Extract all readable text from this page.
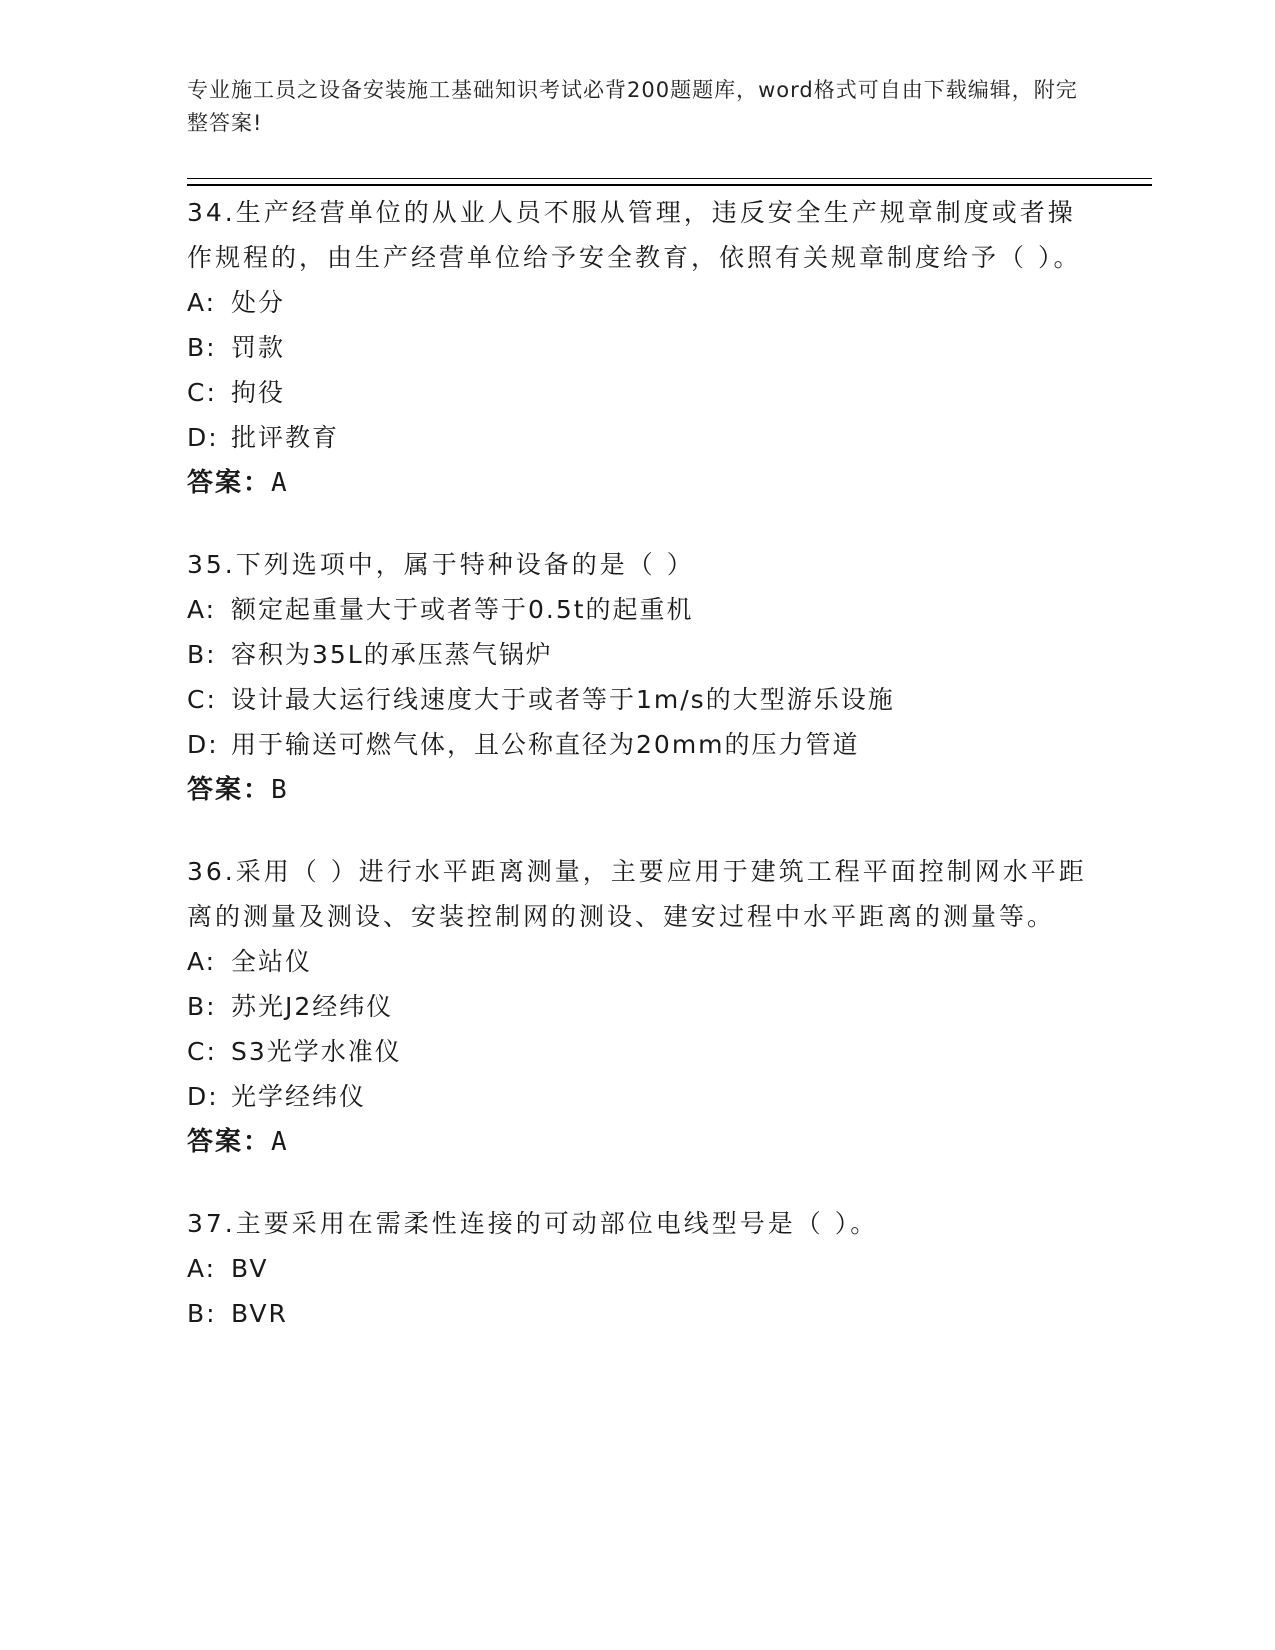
专业施工员之设备安装施工基础知识考试必背200题题库，word格式可自由下载编辑，附完整答案!

34.生产经营单位的从业人员不服从管理，违反安全生产规章制度或者操作规程的，由生产经营单位给予安全教育，依照有关规章制度给予（ ）。

A: 处分
B: 罚款
C: 拘役
D: 批评教育
答案：A

35.下列选项中，属于特种设备的是（ ）

A: 额定起重量大于或者等于0.5t的起重机
B: 容积为35L的承压蒸气锅炉
C: 设计最大运行线速度大于或者等于1m/s的大型游乐设施
D: 用于输送可燃气体，且公称直径为20mm的压力管道
答案：B

36.采用（ ）进行水平距离测量，主要应用于建筑工程平面控制网水平距离的测量及测设、安装控制网的测设、建安过程中水平距离的测量等。

A: 全站仪
B: 苏光J2经纬仪
C: S3光学水准仪
D: 光学经纬仪
答案：A

37.主要采用在需柔性连接的可动部位电线型号是（ ）。

A: BV
B: BVR
